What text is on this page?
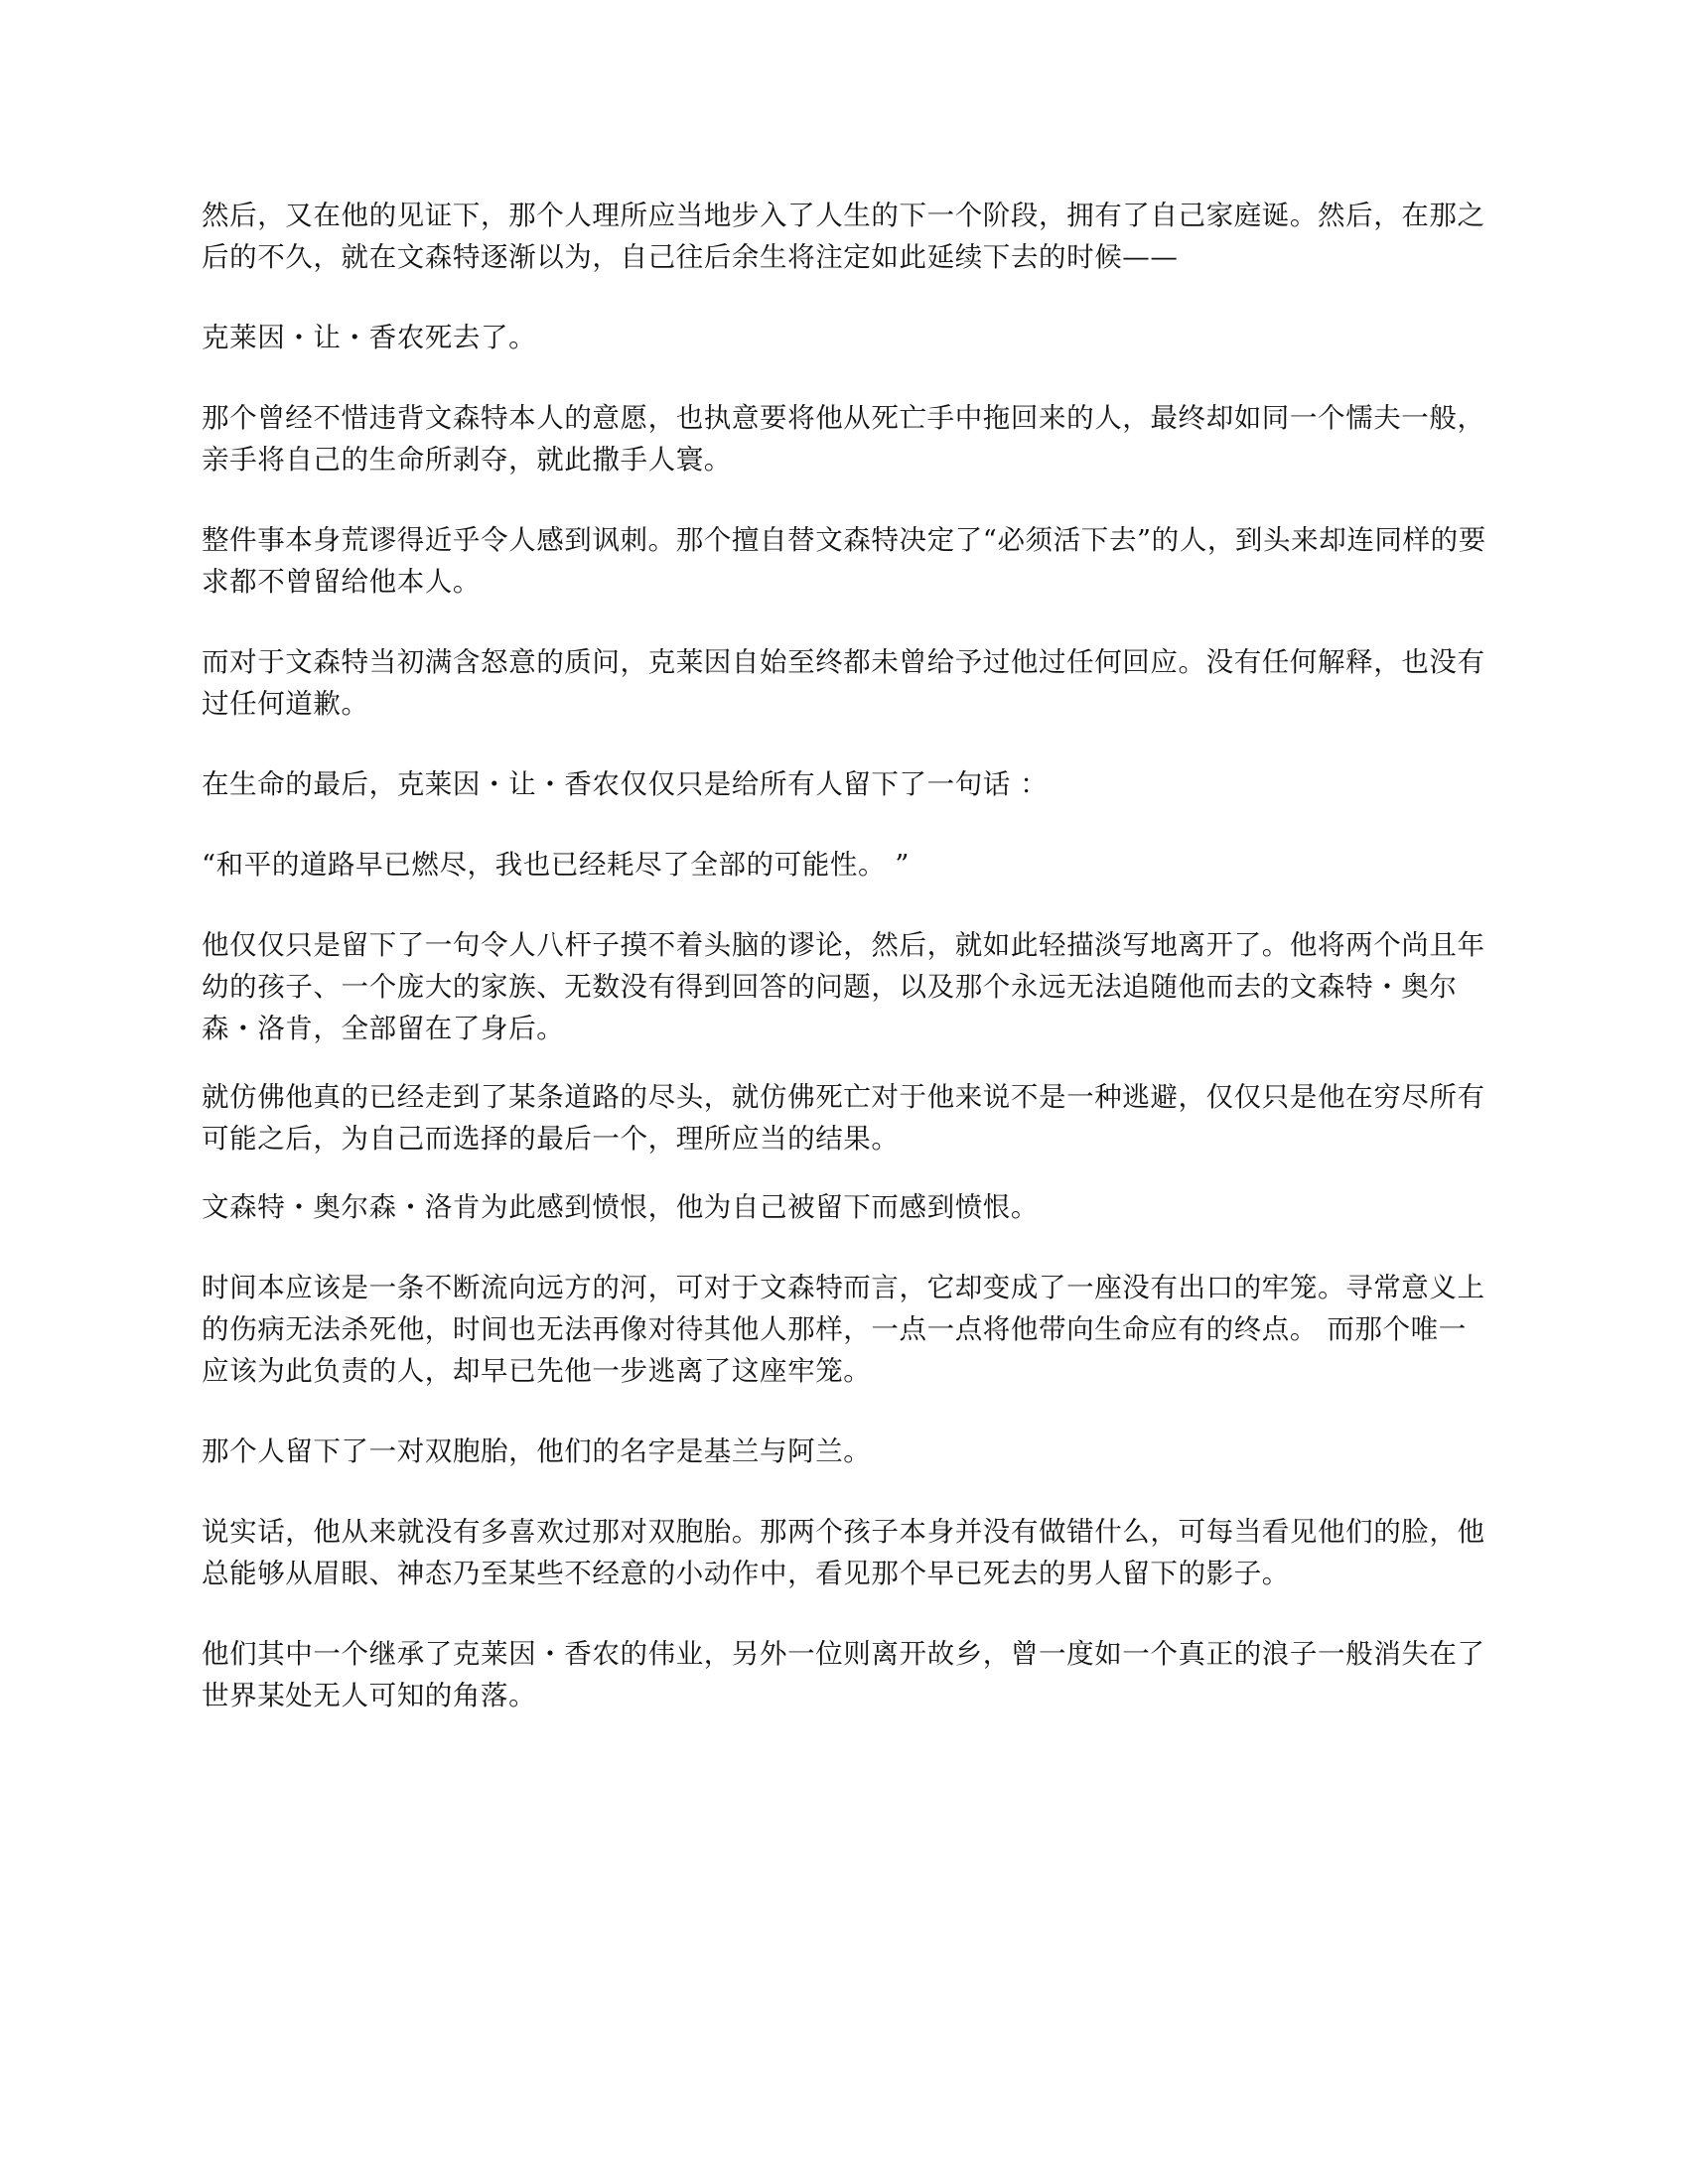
然后，又在他的见证下，那个人理所应当地步入了人生的下一个阶段，拥有了自己家庭诞。然后，在那之后的不久，就在文森特逐渐以为，自己往后余生将注定如此延续下去的时候——

克莱因・让・香农死去了。

那个曾经不惜违背文森特本人的意愿，也执意要将他从死亡手中拖回来的人，最终却如同一个懦夫一般，亲手将自己的生命所剥夺，就此撒手人寰。

整件事本身荒谬得近乎令人感到讽刺。那个擅自替文森特决定了“必须活下去”的人，到头来却连同样的要求都不曾留给他本人。

而对于文森特当初满含怒意的质问，克莱因自始至终都未曾给予过他过任何回应。没有任何解释，也没有过任何道歉。

在生命的最后，克莱因・让・香农仅仅只是给所有人留下了一句话 ：

“和平的道路早已燃尽，我也已经耗尽了全部的可能性。 ”

他仅仅只是留下了一句令人八杆子摸不着头脑的谬论，然后，就如此轻描淡写地离开了。他将两个尚且年幼的孩子、一个庞大的家族、无数没有得到回答的问题，以及那个永远无法追随他而去的文森特・奥尔森・洛肯，全部留在了身后。

就仿佛他真的已经走到了某条道路的尽头，就仿佛死亡对于他来说不是一种逃避，仅仅只是他在穷尽所有可能之后，为自己而选择的最后一个，理所应当的结果。

文森特・奥尔森・洛肯为此感到愤恨，他为自己被留下而感到愤恨。

时间本应该是一条不断流向远方的河，可对于文森特而言，它却变成了一座没有出口的牢笼。寻常意义上的伤病无法杀死他，时间也无法再像对待其他人那样，一点一点将他带向生命应有的终点。 而那个唯一应该为此负责的人，却早已先他一步逃离了这座牢笼。

那个人留下了一对双胞胎，他们的名字是基兰与阿兰。

说实话，他从来就没有多喜欢过那对双胞胎。那两个孩子本身并没有做错什么，可每当看见他们的脸，他总能够从眉眼、神态乃至某些不经意的小动作中，看见那个早已死去的男人留下的影子。

他们其中一个继承了克莱因・香农的伟业，另外一位则离开故乡，曾一度如一个真正的浪子一般消失在了世界某处无人可知的角落。
